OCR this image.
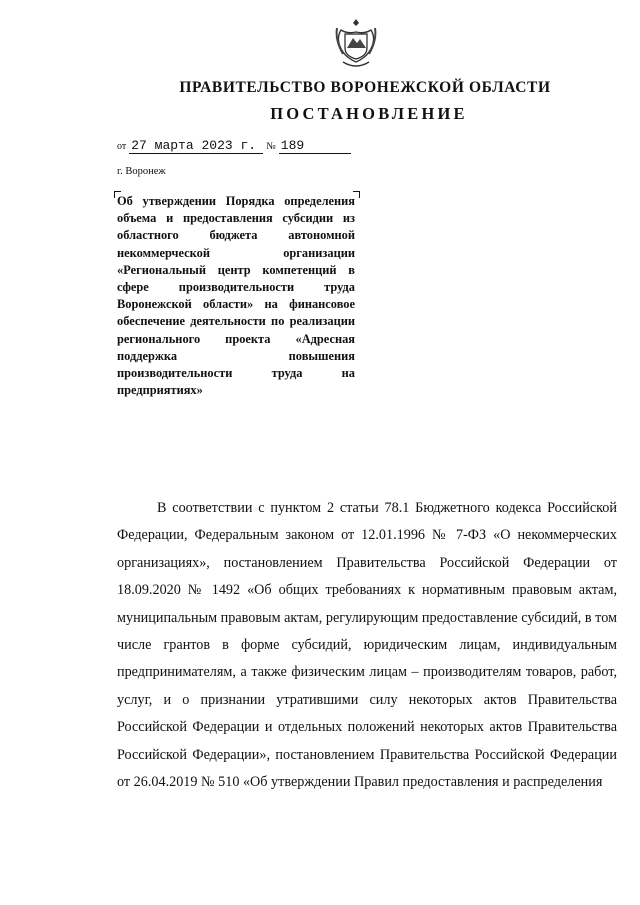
ПРАВИТЕЛЬСТВО ВОРОНЕЖСКОЙ ОБЛАСТИ
ПОСТАНОВЛЕНИЕ
от 27 марта 2023 г. № 189
г. Воронеж
Об утверждении Порядка определения объема и предоставления субсидии из областного бюджета автономной некоммерческой организации «Региональный центр компетенций в сфере производительности труда Воронежской области» на финансовое обеспечение деятельности по реализации регионального проекта «Адресная поддержка повышения производительности труда на предприятиях»
В соответствии с пунктом 2 статьи 78.1 Бюджетного кодекса Российской Федерации, Федеральным законом от 12.01.1996 № 7-ФЗ «О некоммерческих организациях», постановлением Правительства Российской Федерации от 18.09.2020 № 1492 «Об общих требованиях к нормативным правовым актам, муниципальным правовым актам, регулирующим предоставление субсидий, в том числе грантов в форме субсидий, юридическим лицам, индивидуальным предпринимателям, а также физическим лицам – производителям товаров, работ, услуг, и о признании утратившими силу некоторых актов Правительства Российской Федерации и отдельных положений некоторых актов Правительства Российской Федерации», постановлением Правительства Российской Федерации от 26.04.2019 № 510 «Об утверждении Правил предоставления и распределения
